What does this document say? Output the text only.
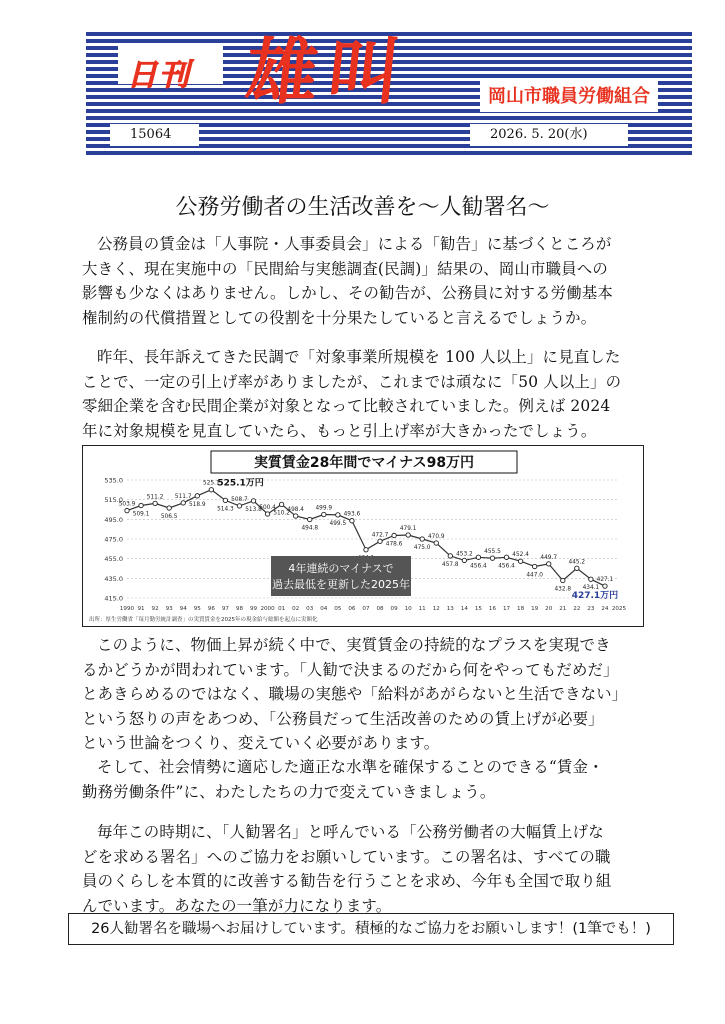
日刊 雄叫	岡山市職員労働組合
15064	2026. 5. 20(水)
公務労働者の生活改善を～人勧署名～
公務員の賃金は「人事院・人事委員会」による「勧告」に基づくところが
大きく、現在実施中の「民間給与実態調査(民調)」結果の、岡山市職員への
影響も少なくはありません。しかし、その勧告が、公務員に対する労働基本
権制約の代償措置としての役割を十分果たしていると言えるでしょうか。
昨年、長年訴えてきた民調で「対象事業所規模を 100 人以上」に見直した
ことで、一定の引上げ率がありましたが、これまでは頑なに「50 人以上」の
零細企業を含む民間企業が対象となって比較されていました。例えば 2024
年に対象規模を見直していたら、もっと引上げ率が大きかったでしょう。
実質賃金28年間でマイナス98万円
415.0
435.0
455.0
475.0
495.0
515.0
535.0
1990 91 92 93 94 95 96 97 98 99 2000 01 02 03 04 05 06 07 08 09 10 11 12 13 14 15 16 17 18 19 20 21 22 23 24 2025
503.9
509.1
511.2
506.5
511.7
518.9
525.1
514.3
508.7
513.8
500.4
510.2
498.4
494.8
499.9
499.5
493.6
472.7
478.6
479.1
475.0
470.9
457.8
453.2
456.4
455.5
456.4
452.4
447.0
449.7
432.8
445.2
434.1
427.1
525.1万円
427.1万円
4年連続のマイナスで
過去最低を更新した2025年
出所：厚生労働省「毎月勤労統計調査」の実質賃金を2025年の現金給与総額を起点に実額化
このように、物価上昇が続く中で、実質賃金の持続的なプラスを実現でき
るかどうかが問われています。「人勧で決まるのだから何をやってもだめだ」
とあきらめるのではなく、職場の実態や「給料があがらないと生活できない」
という怒りの声をあつめ、「公務員だって生活改善のための賃上げが必要」
という世論をつくり、変えていく必要があります。
そして、社会情勢に適応した適正な水準を確保することのできる“賃金・
勤務労働条件”に、わたしたちの力で変えていきましょう。
毎年この時期に、「人勧署名」と呼んでいる「公務労働者の大幅賃上げな
どを求める署名」へのご協力をお願いしています。この署名は、すべての職
員のくらしを本質的に改善する勧告を行うことを求め、今年も全国で取り組
んでいます。あなたの一筆が力になります。
26人勧署名を職場へお届けしています。積極的なご協力をお願いします！(1筆でも！)
